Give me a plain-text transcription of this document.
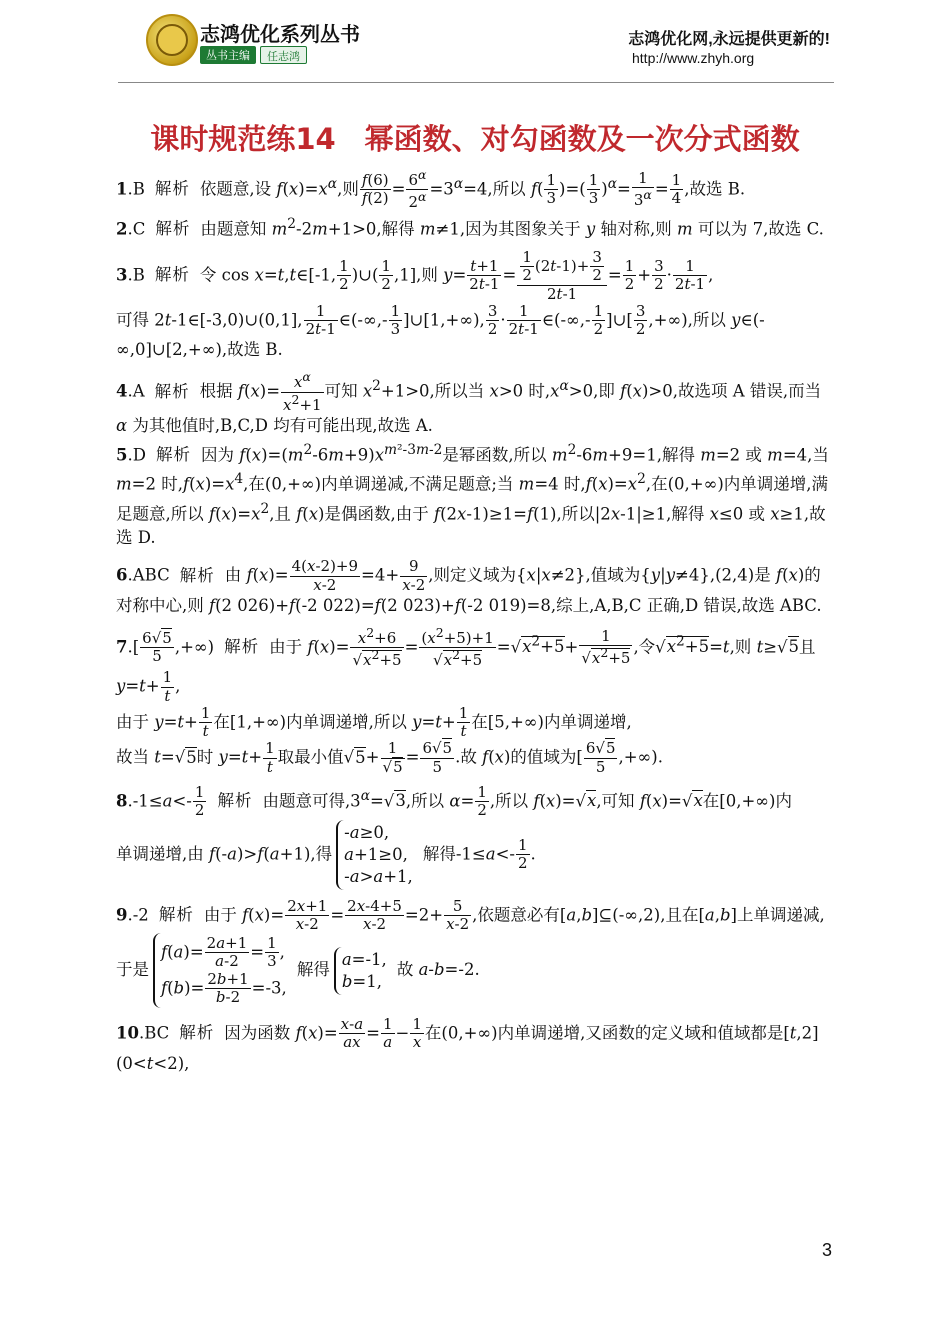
志鸿优化系列丛书
丛书主编	任志鸿
志鸿优化网,永远提供更新的!
http://www.zhyh.org
课时规范练14　幂函数、对勾函数及一次分式函数

1.B 解析 依题意,设 $f(x)=x^\alpha$,则 $\frac{f(6)}{f(2)} = \frac{6^\alpha}{2^\alpha} =3^\alpha=4$,所以 $f( \frac{1}{3}$ )=( $\frac{1}{3} )^\alpha= \frac{1}{3^\alpha} = \frac{1}{4}$ ,故选 B.

2.C 解析 由题意知 $m^2-2m+1>0$,解得 m≠1,因为其图象关于 y 轴对称,则 m 可以为 7,故选 C.

3.B 解析 令 cos x=t,t∈[-1, $\frac{1}{2}$ )∪( $\frac{1}{2} ,1$],则 $y= \frac{t+1}{2t-1} = \frac{\frac{1}{2} (2t-1)+ \frac{3}{2}}{2t-1} = \frac{1}{2} + \frac{3}{2} \cdot \frac{1}{2t-1}$ ,

可得 2t-1∈[-3,0)∪(0,1], $\frac{1}{2t-1}$ ∈(-∞,- $\frac{1}{3}$ ]∪[1,+∞), $\frac{3}{2} \cdot \frac{1}{2t-1}$ ∈(-∞,- $\frac{1}{2}$ ]∪[ $\frac{3}{2}$ ,+∞),所以 y∈(-∞,0]∪[2,+∞),故选 B.

4.A 解析 根据 $f(x)= \frac{x^\alpha}{x^2+1}$ 可知 $x^2+1>0$,所以当 x>0 时$,x^\alpha>0$,即 f(x)>0,故选项 A 错误,而当 α 为其他值时,B,C,D 均有可能出现,故选 A.

5.D 解析 因为 $f(x)=(m^2-6m+9)x^{m^2-3m-2}$是幂函数,所以 $m^2-6m+9=1$,解得 m=2 或 m=4,当 m=2 时$,f(x)=x^4$,在(0,+∞)内单调递减,不满足题意;当 m=4 时$,f(x)=x^2$,在(0,+∞)内单调递增,满足题意,所以 $f(x)=x^2$,且 f(x)是偶函数,由于 f(2x-1)≥1=f(1),所以|2x-1|≥1,解得 x≤0 或 x≥1,故选 D.

6.ABC 解析 由 $f(x)= \frac{4(x-2)+9}{x-2} =4+ \frac{9}{x-2}$ ,则定义域为{x|x≠2},值域为{y|y≠4},(2,4)是 f(x)的对称中心,则 f(2 026)+f(-2 022)=f(2 023)+f(-2 019)=8,综上,A,B,C 正确,D 错误,故选 ABC.

$7.[ \frac{6√5}{5}$ ,+∞) 解析 由于 $f(x)= \frac{x^2+6}{√x^2+5} = \frac{(x^2+5)+1}{√x^2+5} =√x^2+5+ \frac{1}{√x^2+5}$ ,令$√x^2+5=t$,则 t≥√5且

$y=t+ \frac{1}{t}$ ,

由于 $y=t+ \frac{1}{t}$ 在[1,+∞)内单调递增,所以 $y=t+ \frac{1}{t}$ 在[5,+∞)内单调递增,

故当 t=√5时 $y=t+ \frac{1}{t}$ 取最小值$√5+ \frac{1}{√5} = \frac{6√5}{5}$ .故 f(x)的值域为[ $\frac{6√5}{5}$ ,+∞).

$8.-1\le a<- \frac{1}{2}$ 解析 由题意可得$,3^\alpha=√3$,所以 $\alpha= \frac{1}{2}$ ,所以 f(x)=√x,可知 f(x)=√x在[0,+∞)内

单调递增,由 f(-a)>f(a+1),得
-a≥0,
a+1≥0,
-a>a+1,
解得$-1\le a<- \frac{1}{2}$ .

9.-2 解析 由于 $f(x)= \frac{2x+1}{x-2} = \frac{2x-4+5}{x-2} =2+ \frac{5}{x-2}$ ,依题意必有[a,b]⊆(-∞,2),且在[a,b]上单调递减,

于是
$f(a)= \frac{2a+1}{a-2} = \frac{1}{3}$ ,
$f(b)= \frac{2b+1}{b-2} =-3$,
解得
a=-1,
b=1,
故 a-b=-2.

10.BC 解析 因为函数 $f(x)= \frac{x-a}{ax} = \frac{1}{a} - \frac{1}{x}$ 在(0,+∞)内单调递增,又函数的定义域和值域都是[t,2](0<t<2),

3
